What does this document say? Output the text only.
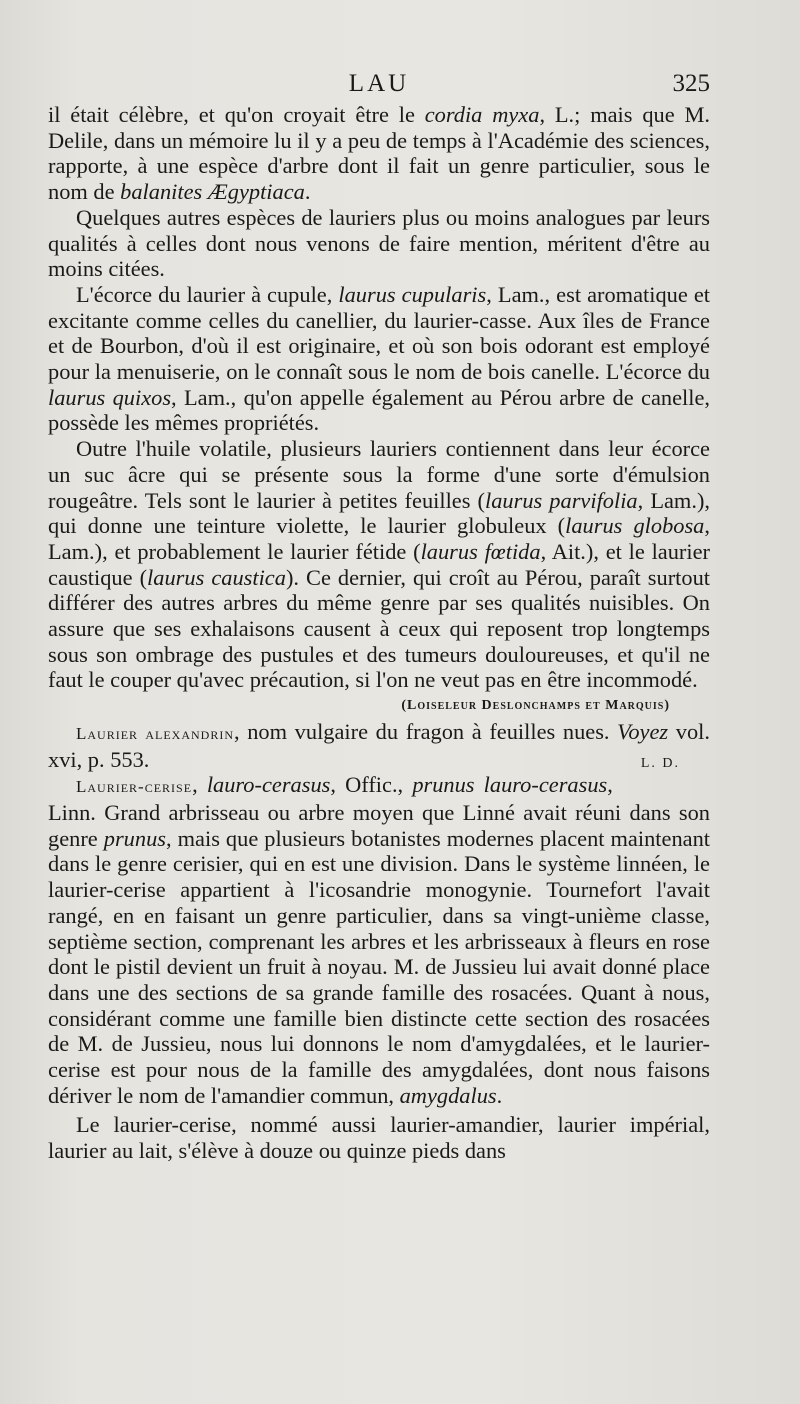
LAU	325

il était célèbre, et qu'on croyait être le cordia myxa, L.; mais que M. Delile, dans un mémoire lu il y a peu de temps à l'Académie des sciences, rapporte, à une espèce d'arbre dont il fait un genre particulier, sous le nom de balanites Ægyptiaca.

Quelques autres espèces de lauriers plus ou moins analogues par leurs qualités à celles dont nous venons de faire mention, méritent d'être au moins citées.

L'écorce du laurier à cupule, laurus cupularis, Lam., est aromatique et excitante comme celles du canellier, du laurier-casse. Aux îles de France et de Bourbon, d'où il est originaire, et où son bois odorant est employé pour la menuiserie, on le connaît sous le nom de bois canelle. L'écorce du laurus quixos, Lam., qu'on appelle également au Pérou arbre de canelle, possède les mêmes propriétés.

Outre l'huile volatile, plusieurs lauriers contiennent dans leur écorce un suc âcre qui se présente sous la forme d'une sorte d'émulsion rougeâtre. Tels sont le laurier à petites feuilles (laurus parvifolia, Lam.), qui donne une teinture violette, le laurier globuleux (laurus globosa, Lam.), et probablement le laurier fétide (laurus fœtida, Ait.), et le laurier caustique (laurus caustica). Ce dernier, qui croît au Pérou, paraît surtout différer des autres arbres du même genre par ses qualités nuisibles. On assure que ses exhalaisons causent à ceux qui reposent trop longtemps sous son ombrage des pustules et des tumeurs douloureuses, et qu'il ne faut le couper qu'avec précaution, si l'on ne veut pas en être incommodé.

(Loiseleur Deslonchamps et Marquis)

Laurier alexandrin, nom vulgaire du fragon à feuilles nues. Voyez vol. xvi, p. 553.	L. D.

Laurier-cerise, lauro-cerasus, Offic., prunus lauro-cerasus, Linn. Grand arbrisseau ou arbre moyen que Linné avait réuni dans son genre prunus, mais que plusieurs botanistes modernes placent maintenant dans le genre cerisier, qui en est une division. Dans le système linnéen, le laurier-cerise appartient à l'icosandrie monogynie. Tournefort l'avait rangé, en en faisant un genre particulier, dans sa vingt-unième classe, septième section, comprenant les arbres et les arbrisseaux à fleurs en rose dont le pistil devient un fruit à noyau. M. de Jussieu lui avait donné place dans une des sections de sa grande famille des rosacées. Quant à nous, considérant comme une famille bien distincte cette section des rosacées de M. de Jussieu, nous lui donnons le nom d'amygdalées, et le laurier-cerise est pour nous de la famille des amygdalées, dont nous faisons dériver le nom de l'amandier commun, amygdalus.

Le laurier-cerise, nommé aussi laurier-amandier, laurier impérial, laurier au lait, s'élève à douze ou quinze pieds dans
